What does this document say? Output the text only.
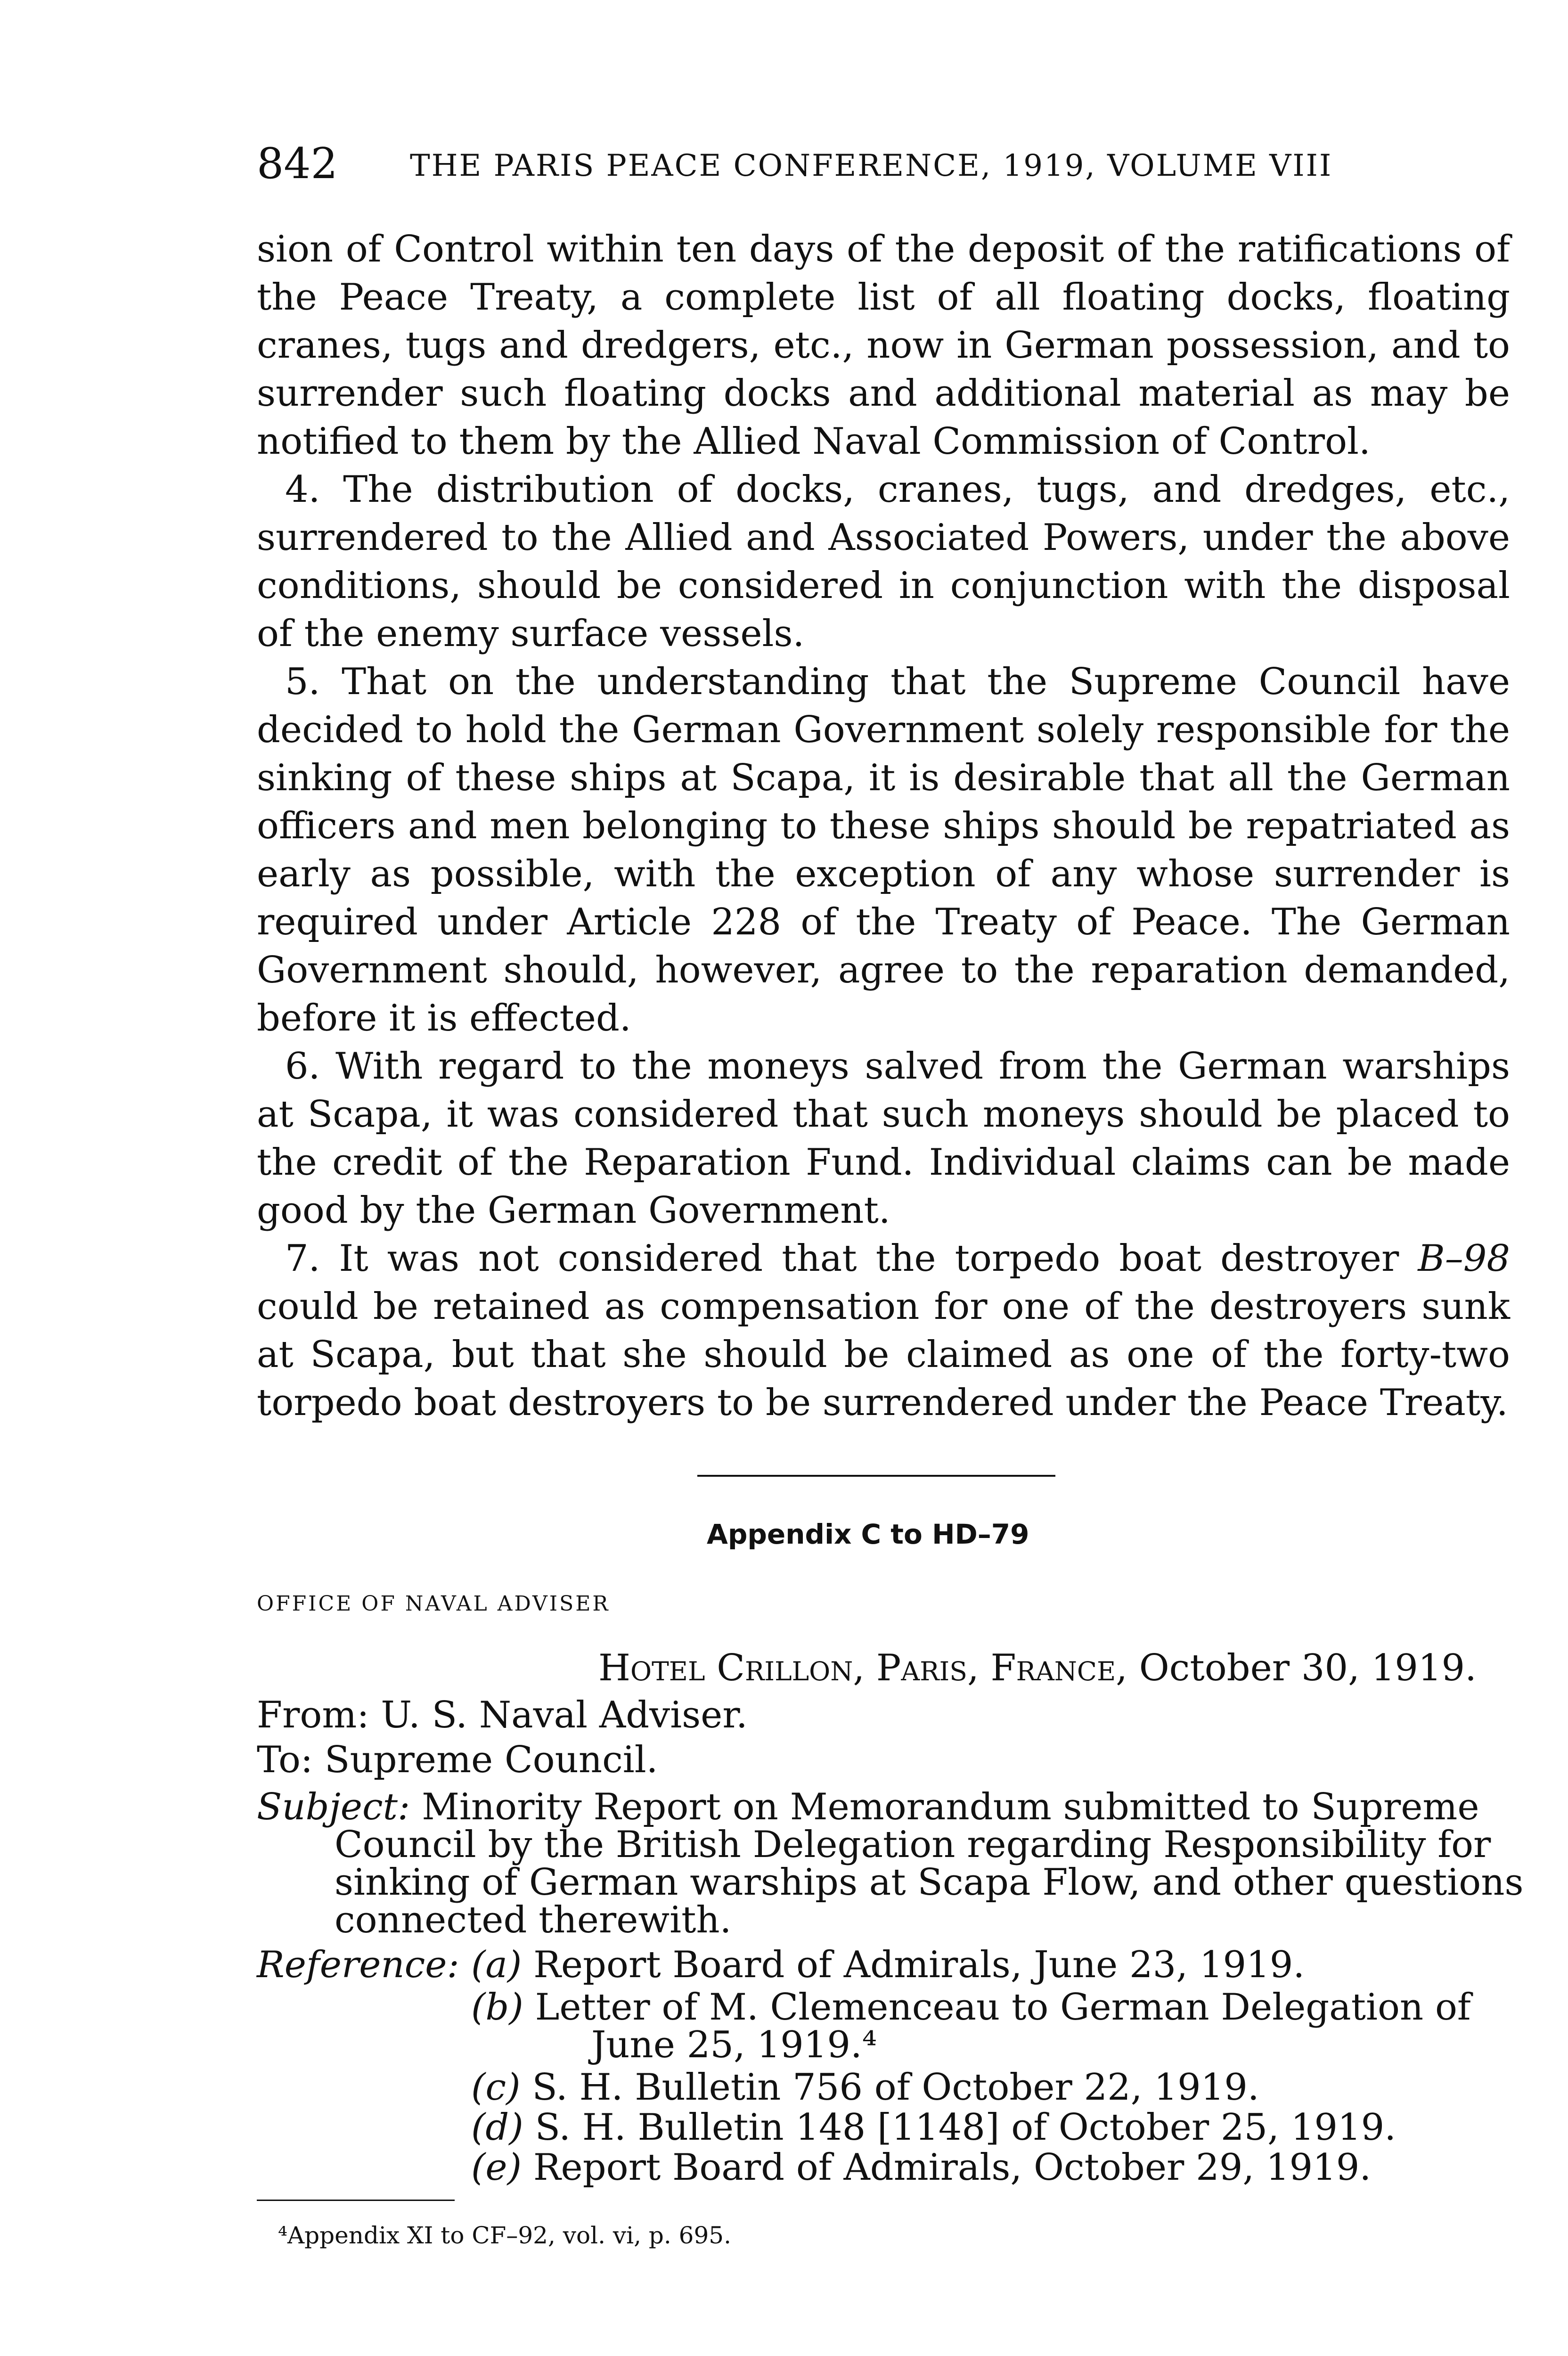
842 THE PARIS PEACE CONFERENCE, 1919, VOLUME VIII

sion of Control within ten days of the deposit of the ratifications of the Peace Treaty, a complete list of all floating docks, floating cranes, tugs and dredgers, etc., now in German possession, and to surrender such floating docks and additional material as may be notified to them by the Allied Naval Commission of Control.

4. The distribution of docks, cranes, tugs, and dredges, etc., surrendered to the Allied and Associated Powers, under the above conditions, should be considered in conjunction with the disposal of the enemy surface vessels.

5. That on the understanding that the Supreme Council have decided to hold the German Government solely responsible for the sinking of these ships at Scapa, it is desirable that all the German officers and men belonging to these ships should be repatriated as early as possible, with the exception of any whose surrender is required under Article 228 of the Treaty of Peace. The German Government should, however, agree to the reparation demanded, before it is effected.

6. With regard to the moneys salved from the German warships at Scapa, it was considered that such moneys should be placed to the credit of the Reparation Fund. Individual claims can be made good by the German Government.

7. It was not considered that the torpedo boat destroyer B–98 could be retained as compensation for one of the destroyers sunk at Scapa, but that she should be claimed as one of the forty-two torpedo boat destroyers to be surrendered under the Peace Treaty.

Appendix C to HD–79
OFFICE OF NAVAL ADVISER
Hotel Crillon, Paris, France, October 30, 1919.
From: U. S. Naval Adviser.
To: Supreme Council.
Subject: Minority Report on Memorandum submitted to Supreme
Council by the British Delegation regarding Responsibility for
sinking of German warships at Scapa Flow, and other questions
connected therewith.
Reference: (a) Report Board of Admirals, June 23, 1919.
(b) Letter of M. Clemenceau to German Delegation of
June 25, 1919.⁴
(c) S. H. Bulletin 756 of October 22, 1919.
(d) S. H. Bulletin 148 [1148] of October 25, 1919.
(e) Report Board of Admirals, October 29, 1919.
⁴Appendix XI to CF–92, vol. vi, p. 695.
